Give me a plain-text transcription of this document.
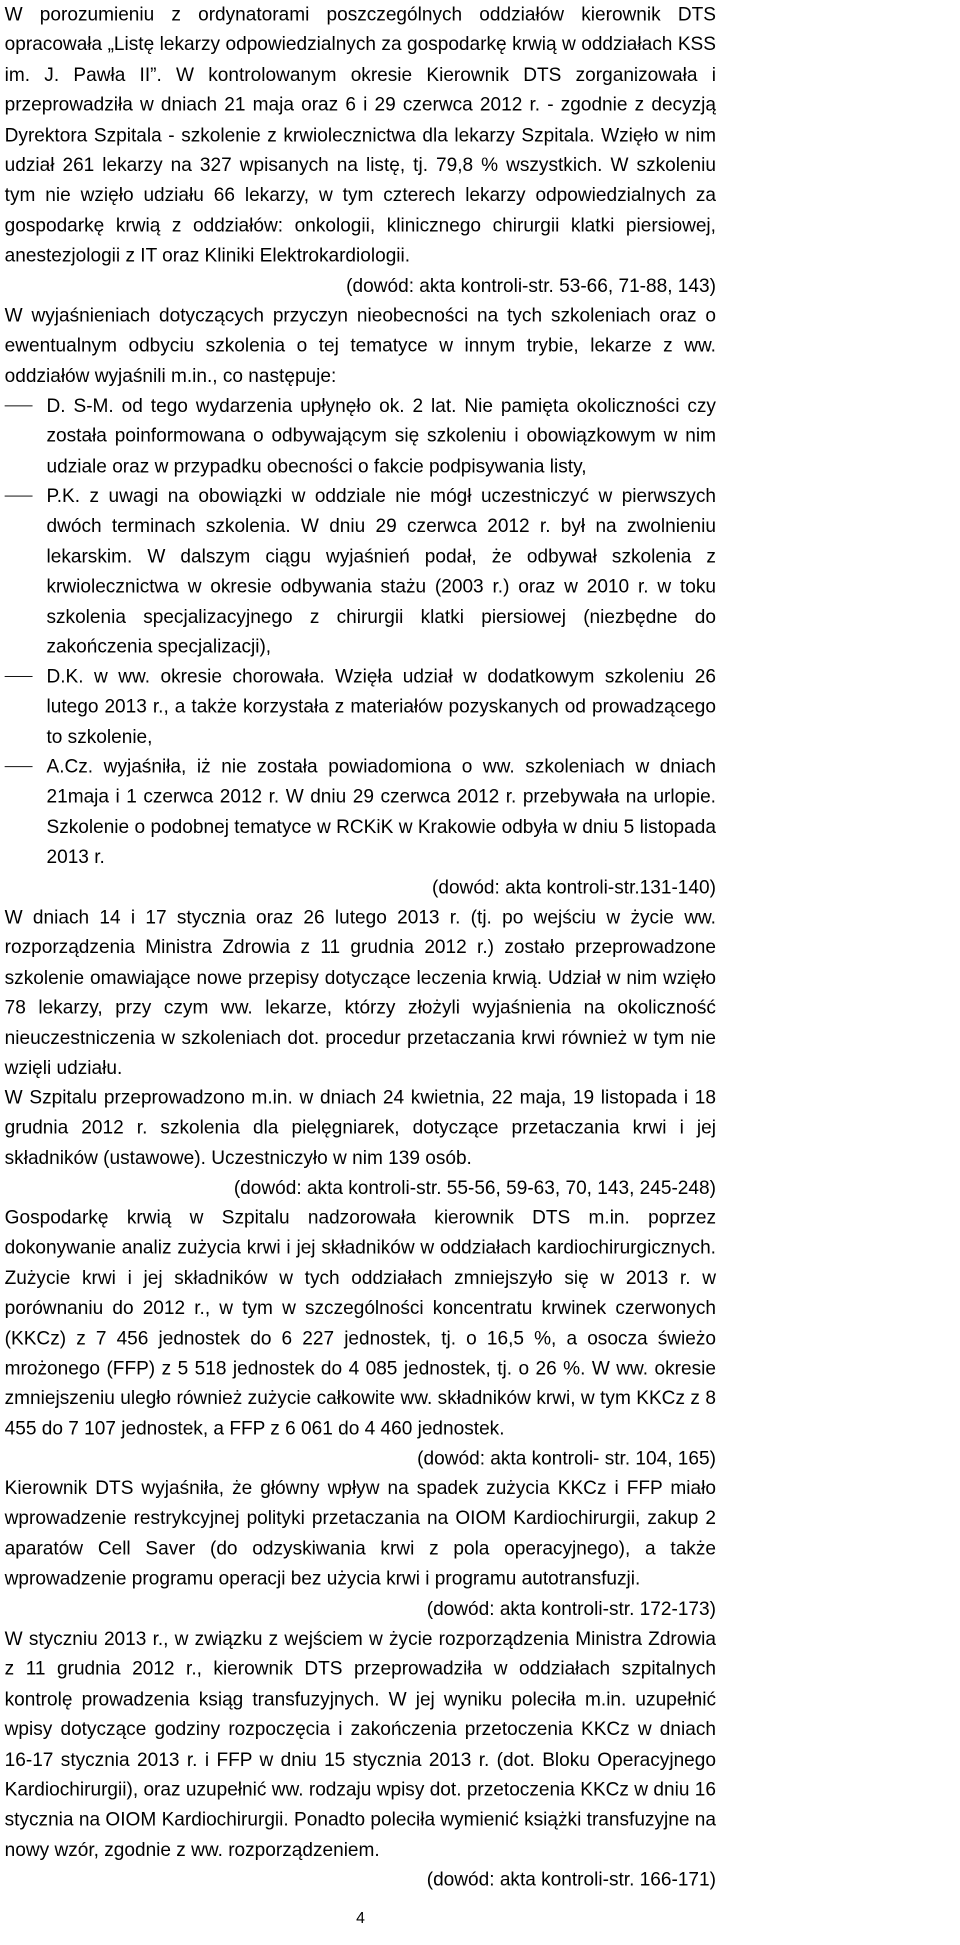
W porozumieniu z ordynatorami poszczególnych oddziałów kierownik DTS opracowała „Listę lekarzy odpowiedzialnych za gospodarkę krwią w oddziałach KSS im. J. Pawła II”. W kontrolowanym okresie Kierownik DTS zorganizowała i przeprowadziła w dniach 21 maja oraz 6 i 29 czerwca 2012 r. - zgodnie z decyzją Dyrektora Szpitala - szkolenie z krwiolecznictwa dla lekarzy Szpitala. Wzięło w nim udział 261 lekarzy na 327 wpisanych na listę, tj. 79,8 % wszystkich. W szkoleniu tym nie wzięło udziału 66 lekarzy, w tym czterech lekarzy odpowiedzialnych za gospodarkę krwią z oddziałów: onkologii, klinicznego chirurgii klatki piersiowej, anestezjologii z IT oraz Kliniki Elektrokardiologii.

(dowód: akta kontroli-str. 53-66, 71-88, 143)

W wyjaśnieniach dotyczących przyczyn nieobecności na tych szkoleniach oraz o ewentualnym odbyciu szkolenia o tej tematyce w innym trybie, lekarze z ww. oddziałów wyjaśnili m.in., co następuje:

D. S-M. od tego wydarzenia upłynęło ok. 2 lat. Nie pamięta okoliczności czy została poinformowana o odbywającym się szkoleniu i obowiązkowym w nim udziale oraz w przypadku obecności o fakcie podpisywania listy,

P.K. z uwagi na obowiązki w oddziale nie mógł uczestniczyć w pierwszych dwóch terminach szkolenia. W dniu 29 czerwca 2012 r. był na zwolnieniu lekarskim. W dalszym ciągu wyjaśnień podał, że odbywał szkolenia z krwiolecznictwa w okresie odbywania stażu (2003 r.) oraz w 2010 r. w toku szkolenia specjalizacyjnego z chirurgii klatki piersiowej (niezbędne do zakończenia specjalizacji),

D.K. w ww. okresie chorowała. Wzięła udział w dodatkowym szkoleniu 26 lutego 2013 r., a także korzystała z materiałów pozyskanych od prowadzącego to szkolenie,

A.Cz. wyjaśniła, iż nie została powiadomiona o ww. szkoleniach w dniach 21maja i 1 czerwca 2012 r. W dniu 29 czerwca 2012 r. przebywała na urlopie. Szkolenie o podobnej tematyce w RCKiK w Krakowie odbyła w dniu 5 listopada 2013 r.

(dowód: akta kontroli-str.131-140)

W dniach 14 i 17 stycznia oraz 26 lutego 2013 r. (tj. po wejściu w życie ww. rozporządzenia Ministra Zdrowia z 11 grudnia 2012 r.) zostało przeprowadzone szkolenie omawiające nowe przepisy dotyczące leczenia krwią. Udział w nim wzięło 78 lekarzy, przy czym ww. lekarze, którzy złożyli wyjaśnienia na okoliczność nieuczestniczenia w szkoleniach dot. procedur przetaczania krwi również w tym nie wzięli udziału.

W Szpitalu przeprowadzono m.in. w dniach 24 kwietnia, 22 maja, 19 listopada i 18 grudnia 2012 r. szkolenia dla pielęgniarek, dotyczące przetaczania krwi i jej składników (ustawowe). Uczestniczyło w nim 139 osób.

(dowód: akta kontroli-str. 55-56, 59-63, 70, 143, 245-248)

Gospodarkę krwią w Szpitalu nadzorowała kierownik DTS m.in. poprzez dokonywanie analiz zużycia krwi i jej składników w oddziałach kardiochirurgicznych. Zużycie krwi i jej składników w tych oddziałach zmniejszyło się w 2013 r. w porównaniu do 2012 r., w tym w szczególności koncentratu krwinek czerwonych (KKCz) z 7 456 jednostek do 6 227 jednostek, tj. o 16,5 %, a osocza świeżo mrożonego (FFP) z 5 518 jednostek do 4 085 jednostek, tj. o 26 %. W ww. okresie zmniejszeniu uległo również zużycie całkowite ww. składników krwi, w tym KKCz z 8 455 do 7 107 jednostek, a FFP z 6 061 do 4 460 jednostek.

(dowód: akta kontroli- str. 104, 165)

Kierownik DTS wyjaśniła, że główny wpływ na spadek zużycia KKCz i FFP miało wprowadzenie restrykcyjnej polityki przetaczania na OIOM Kardiochirurgii, zakup 2 aparatów Cell Saver (do odzyskiwania krwi z pola operacyjnego), a także wprowadzenie programu operacji bez użycia krwi i programu autotransfuzji.

(dowód: akta kontroli-str. 172-173)

W styczniu 2013 r., w związku z wejściem w życie rozporządzenia Ministra Zdrowia z 11 grudnia 2012 r., kierownik DTS przeprowadziła w oddziałach szpitalnych kontrolę prowadzenia ksiąg transfuzyjnych. W jej wyniku poleciła m.in. uzupełnić wpisy dotyczące godziny rozpoczęcia i zakończenia przetoczenia KKCz w dniach 16-17 stycznia 2013 r. i FFP w dniu 15 stycznia 2013 r. (dot. Bloku Operacyjnego Kardiochirurgii), oraz uzupełnić ww. rodzaju wpisy dot. przetoczenia KKCz w dniu 16 stycznia na OIOM Kardiochirurgii. Ponadto poleciła wymienić książki transfuzyjne na nowy wzór, zgodnie z ww. rozporządzeniem.

(dowód: akta kontroli-str. 166-171)

4
